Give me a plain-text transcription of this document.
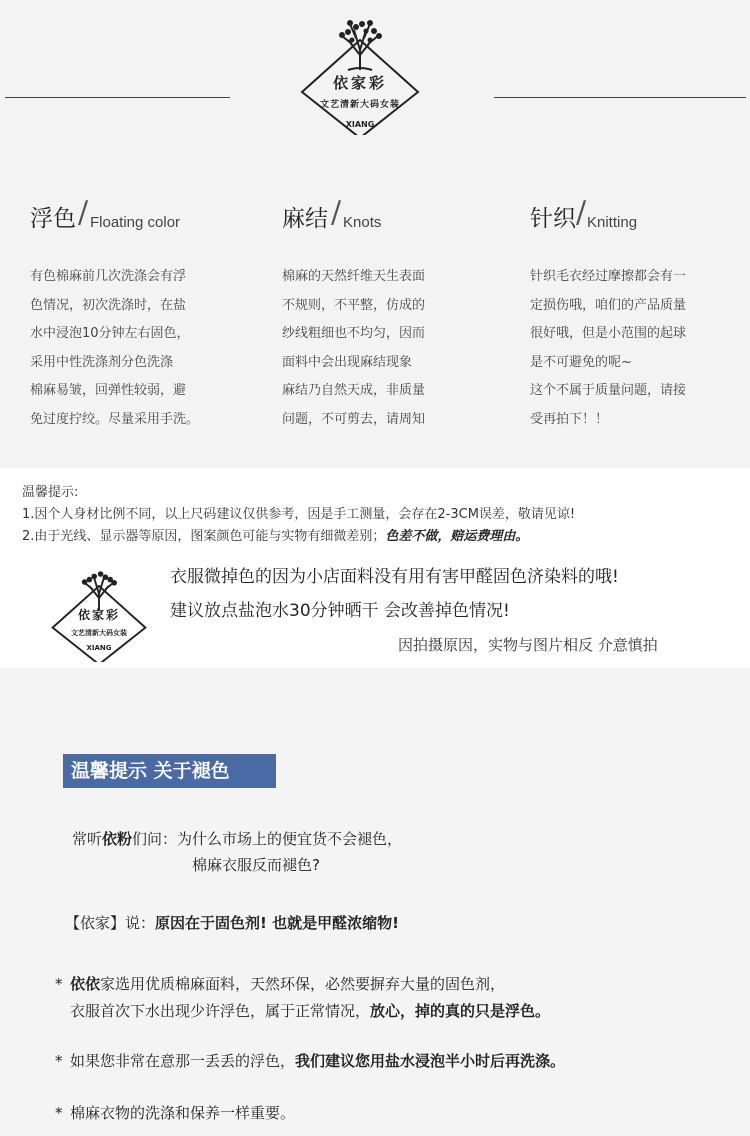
依家彩
文艺清新大码女装
XIANG
浮色 / Floating color
有色棉麻前几次洗涤会有浮
色情况，初次洗涤时，在盐
水中浸泡10分钟左右固色，
采用中性洗涤剂分色洗涤
棉麻易皱，回弹性较弱，避
免过度拧绞。尽量采用手洗。
麻结 / Knots
棉麻的天然纤维天生表面
不规则，不平整，仿成的
纱线粗细也不均匀，因而
面料中会出现麻结现象
麻结乃自然天成，非质量
问题，不可剪去，请周知
针织 / Knitting
针织毛衣经过摩擦都会有一
定损伤哦，咱们的产品质量
很好哦，但是小范围的起球
是不可避免的呢~
这个不属于质量问题，请接
受再拍下！！
温馨提示:
1.因个人身材比例不同，以上尺码建议仅供参考，因是手工测量，会存在2-3CM误差，敬请见谅!
2.由于光线、显示器等原因，图案颜色可能与实物有细微差别；色差不做，赔运费理由。
依家彩
文艺清新大码女装
XIANG
衣服微掉色的因为小店面料没有用有害甲醛固色济染料的哦!
建议放点盐泡水30分钟晒干 会改善掉色情况!
因拍摄原因，实物与图片相反 介意慎拍
温馨提示 关于褪色
常听依粉们问：为什么市场上的便宜货不会褪色，
棉麻衣服反而褪色?
【依家】说：原因在于固色剂! 也就是甲醛浓缩物!
* 依依家选用优质棉麻面料，天然环保，必然要摒弃大量的固色剂，
衣服首次下水出现少许浮色，属于正常情况，放心，掉的真的只是浮色。
* 如果您非常在意那一丢丢的浮色，我们建议您用盐水浸泡半小时后再洗涤。
* 棉麻衣物的洗涤和保养一样重要。
